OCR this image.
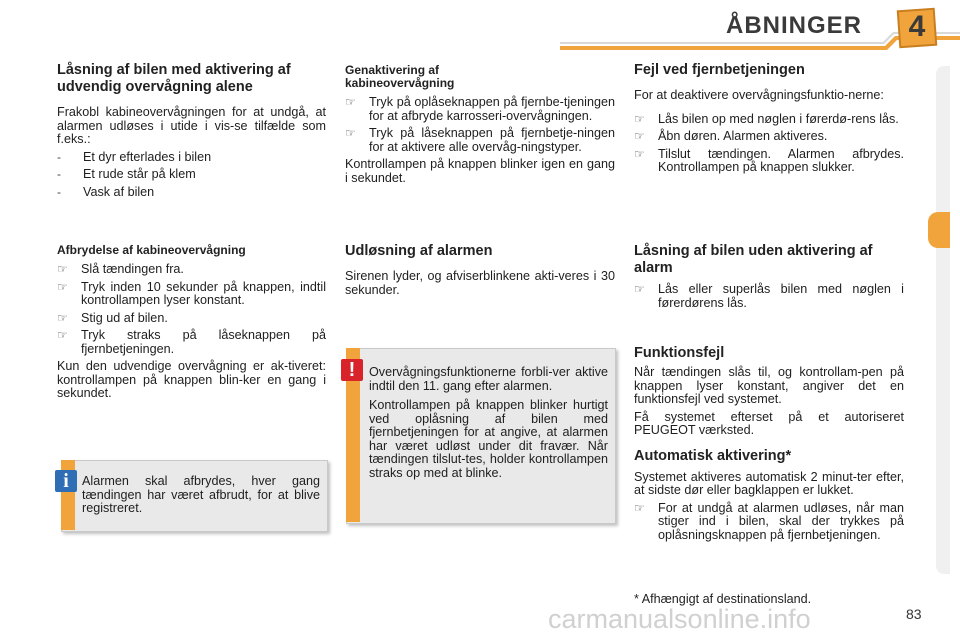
ÅBNINGER	4
Låsning af bilen med aktivering af udvendig overvågning alene

Frakobl kabineovervågningen for at undgå, at alarmen udløses i utide i vis-se tilfælde som f.eks.:

- Et dyr efterlades i bilen
- Et rude står på klem
- Vask af bilen
Afbrydelse af kabineovervågning
☞ Slå tændingen fra.
☞ Tryk inden 10 sekunder på knappen, indtil kontrollampen lyser konstant.
☞ Stig ud af bilen.
☞ Tryk straks på låseknappen på fjernbetjeningen.

Kun den udvendige overvågning er ak-tiveret: kontrollampen på knappen blin-ker en gang i sekundet.

i	Alarmen skal afbrydes, hver gang tændingen har været afbrudt, for at blive registreret.

Genaktivering af kabineovervågning
☞ Tryk på oplåseknappen på fjernbe-tjeningen for at afbryde karrosseri-overvågningen.
☞ Tryk på låseknappen på fjernbetje-ningen for at aktivere alle overvåg-ningstyper.

Kontrollampen på knappen blinker igen en gang i sekundet.

Udløsning af alarmen

Sirenen lyder, og afviserblinkene akti-veres i 30 sekunder.

!	Overvågningsfunktionerne forbli-ver aktive indtil den 11. gang efter alarmen.

Kontrollampen på knappen blinker hurtigt ved oplåsning af bilen med fjernbetjeningen for at angive, at alarmen har været udløst under dit fravær. Når tændingen tilslut-tes, holder kontrollampen straks op med at blinke.

Fejl ved fjernbetjeningen

For at deaktivere overvågningsfunktio-nerne:

☞ Lås bilen op med nøglen i førerdø-rens lås.
☞ Åbn døren. Alarmen aktiveres.
☞ Tilslut tændingen. Alarmen afbrydes. Kontrollampen på knappen slukker.
Låsning af bilen uden aktivering af alarm
☞ Lås eller superlås bilen med nøglen i førerdørens lås.
Funktionsfejl

Når tændingen slås til, og kontrollam-pen på knappen lyser konstant, angiver det en funktionsfejl ved systemet.

Få systemet efterset på et autoriseret PEUGEOT værksted.

Automatisk aktivering*

Systemet aktiveres automatisk 2 minut-ter efter, at sidste dør eller bagklappen er lukket.

☞ For at undgå at alarmen udløses, når man stiger ind i bilen, skal der trykkes på oplåsningsknappen på fjernbetjeningen.
* Afhængigt af destinationsland.
carmanualsonline.info	83
